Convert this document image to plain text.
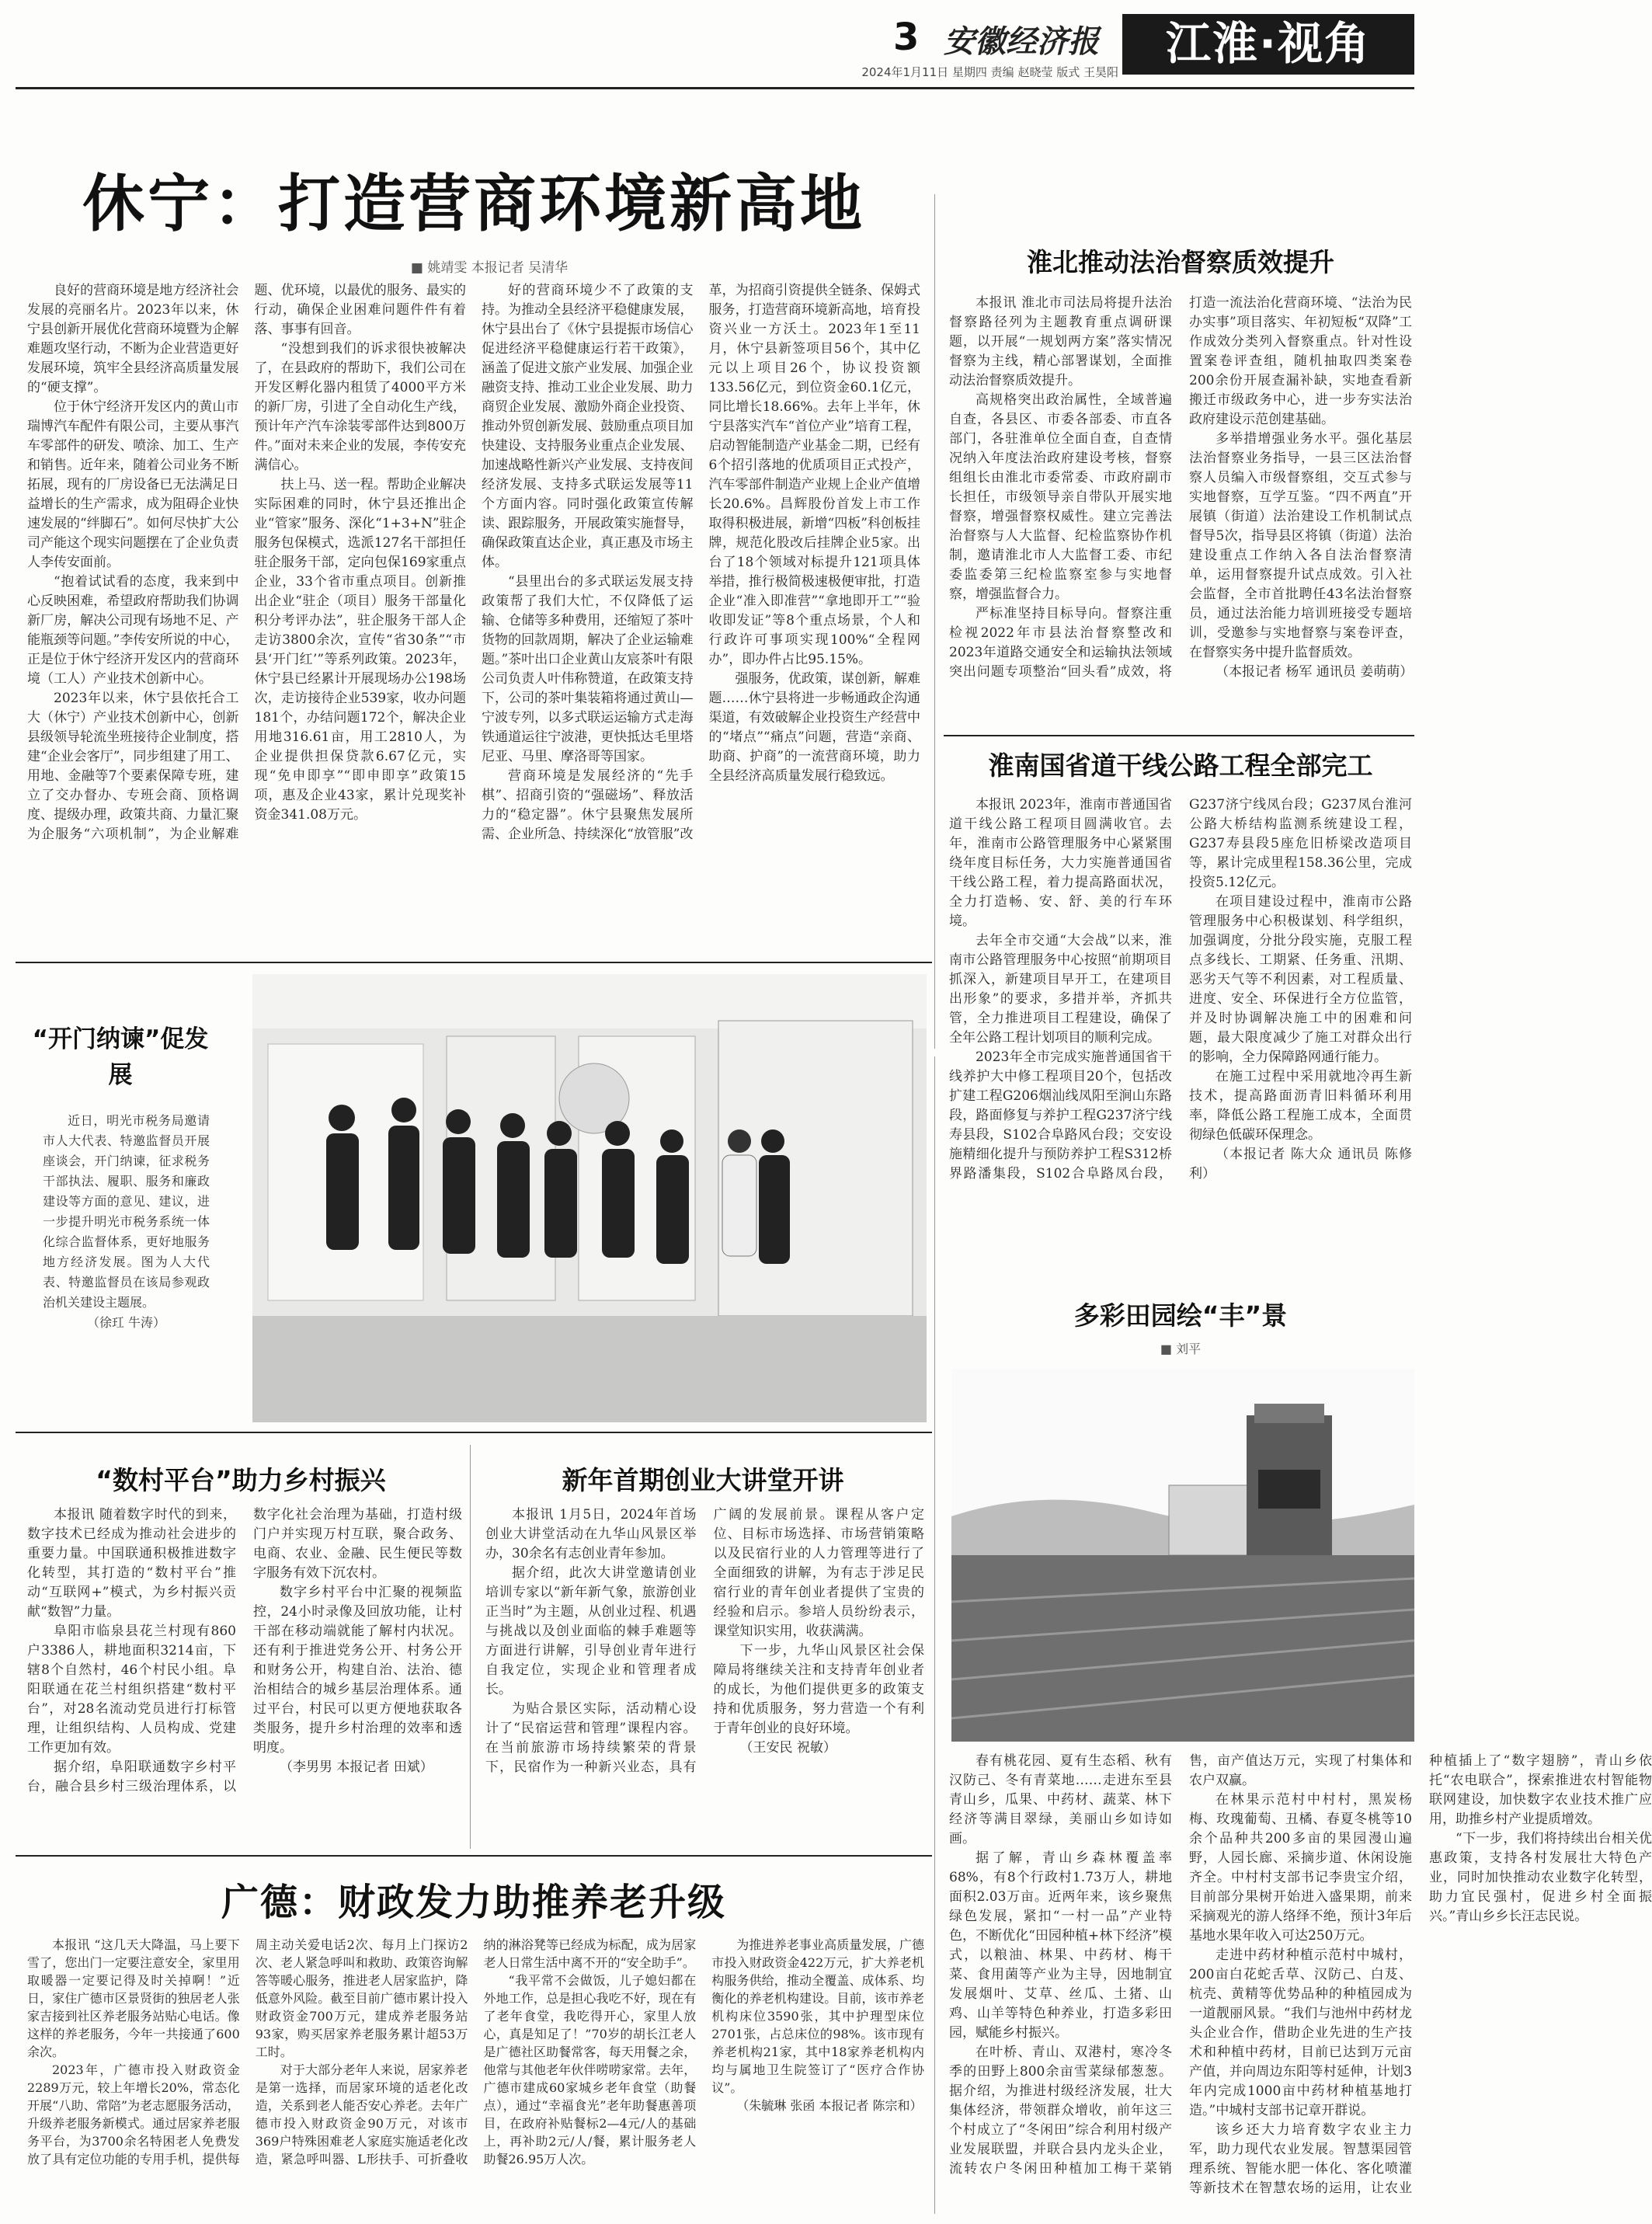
3 安徽经济报	江淮·视角
2024年1月11日 星期四 责编 赵晓莹 版式 王昊阳
休宁：打造营商环境新高地
■ 姚靖雯 本报记者 吴清华

良好的营商环境是地方经济社会发展的亮丽名片。2023年以来，休宁县创新开展优化营商环境暨为企解难题攻坚行动，不断为企业营造更好发展环境，筑牢全县经济高质量发展的“硬支撑”。

位于休宁经济开发区内的黄山市瑞博汽车配件有限公司，主要从事汽车零部件的研发、喷涂、加工、生产和销售。近年来，随着公司业务不断拓展，现有的厂房设备已无法满足日益增长的生产需求，成为阻碍企业快速发展的“绊脚石”。如何尽快扩大公司产能这个现实问题摆在了企业负责人李传安面前。

“抱着试试看的态度，我来到中心反映困难，希望政府帮助我们协调新厂房，解决公司现有场地不足、产能瓶颈等问题。”李传安所说的中心，正是位于休宁经济开发区内的营商环境（工人）产业技术创新中心。

2023年以来，休宁县依托合工大（休宁）产业技术创新中心，创新县级领导轮流坐班接待企业制度，搭建“企业会客厅”，同步组建了用工、用地、金融等7个要素保障专班，建立了交办督办、专班会商、顶格调度、提级办理，政策共商、力量汇聚为企服务“六项机制”，为企业解难题、优环境，以最优的服务、最实的行动，确保企业困难问题件件有着落、事事有回音。

“没想到我们的诉求很快被解决了，在县政府的帮助下，我们公司在开发区孵化器内租赁了4000平方米的新厂房，引进了全自动化生产线，预计年产汽车涂装零部件达到800万件。”面对未来企业的发展，李传安充满信心。

扶上马、送一程。帮助企业解决实际困难的同时，休宁县还推出企业“管家”服务、深化“1+3+N”驻企服务包保模式，选派127名干部担任驻企服务干部，定向包保169家重点企业，33个省市重点项目。创新推出企业“驻企（项目）服务干部量化积分考评办法”，驻企服务干部人企走访3800余次，宣传“省30条”“市县‘开门红’”等系列政策。2023年，休宁县已经累计开展现场办公198场次，走访接待企业539家，收办问题181个，办结问题172个，解决企业用地316.61亩，用工2810人，为企业提供担保贷款6.67亿元，实现“免申即享”“即申即享”政策15项，惠及企业43家，累计兑现奖补资金341.08万元。

好的营商环境少不了政策的支持。为推动全县经济平稳健康发展，休宁县出台了《休宁县提振市场信心促进经济平稳健康运行若干政策》，涵盖了促进文旅产业发展、加强企业融资支持、推动工业企业发展、助力商贸企业发展、激励外商企业投资、推动外贸创新发展、鼓励重点项目加快建设、支持服务业重点企业发展、加速战略性新兴产业发展、支持夜间经济发展、支持多式联运发展等11个方面内容。同时强化政策宣传解读、跟踪服务，开展政策实施督导，确保政策直达企业，真正惠及市场主体。

“县里出台的多式联运发展支持政策帮了我们大忙，不仅降低了运输、仓储等多种费用，还缩短了茶叶货物的回款周期，解决了企业运输难题。”茶叶出口企业黄山友宸茶叶有限公司负责人叶伟称赞道，在政策支持下，公司的茶叶集装箱将通过黄山—宁波专列，以多式联运运输方式走海铁通道运往宁波港，更快抵达毛里塔尼亚、马里、摩洛哥等国家。

营商环境是发展经济的“先手棋”、招商引资的“强磁场”、释放活力的“稳定器”。休宁县聚焦发展所需、企业所急、持续深化“放管服”改革，为招商引资提供全链条、保姆式服务，打造营商环境新高地，培育投资兴业一方沃土。2023年1至11月，休宁县新签项目56个，其中亿元以上项目26个，协议投资额133.56亿元，到位资金60.1亿元，同比增长18.66%。去年上半年，休宁县落实汽车“首位产业”培育工程，启动智能制造产业基金二期，已经有6个招引落地的优质项目正式投产，汽车零部件制造产业规上企业产值增长20.6%。昌辉股份首发上市工作取得积极进展，新增“四板”科创板挂牌，规范化股改后挂牌企业5家。出台了18个领域对标提升121项具体举措，推行极简极速极便审批，打造企业“准入即准营”“拿地即开工”“验收即发证”等8个重点场景，个人和行政许可事项实现100%“全程网办”，即办件占比95.15%。

强服务，优政策，谋创新，解难题……休宁县将进一步畅通政企沟通渠道，有效破解企业投资生产经营中的“堵点”“痛点”问题，营造“亲商、助商、护商”的一流营商环境，助力全县经济高质量发展行稳致远。

淮北推动法治督察质效提升

本报讯 淮北市司法局将提升法治督察路径列为主题教育重点调研课题，以开展“一规划两方案”落实情况督察为主线，精心部署谋划，全面推动法治督察质效提升。

高规格突出政治属性，全域普遍自查，各县区、市委各部委、市直各部门，各驻淮单位全面自查，自查情况纳入年度法治政府建设考核，督察组组长由淮北市委常委、市政府副市长担任，市级领导亲自带队开展实地督察，增强督察权威性。建立完善法治督察与人大监督、纪检监察协作机制，邀请淮北市人大监督工委、市纪委监委第三纪检监察室参与实地督察，增强监督合力。

严标准坚持目标导向。督察注重检视2022年市县法治督察整改和2023年道路交通安全和运输执法领域突出问题专项整治“回头看”成效，将打造一流法治化营商环境、“法治为民办实事”项目落实、年初短板“双降”工作成效分类列入督察重点。针对性设置案卷评查组，随机抽取四类案卷200余份开展查漏补缺，实地查看新搬迁市级政务中心，进一步夯实法治政府建设示范创建基础。

多举措增强业务水平。强化基层法治督察业务指导，一县三区法治督察人员编入市级督察组，交互式参与实地督察，互学互鉴。“四不两直”开展镇（街道）法治建设工作机制试点督导5次，指导县区将镇（街道）法治建设重点工作纳入各自法治督察清单，运用督察提升试点成效。引入社会监督，全市首批聘任43名法治督察员，通过法治能力培训班接受专题培训，受邀参与实地督察与案卷评查，在督察实务中提升监督质效。

（本报记者 杨军 通讯员 姜萌萌）

淮南国省道干线公路工程全部完工

本报讯 2023年，淮南市普通国省道干线公路工程项目圆满收官。去年，淮南市公路管理服务中心紧紧围绕年度目标任务，大力实施普通国省干线公路工程，着力提高路面状况，全力打造畅、安、舒、美的行车环境。

去年全市交通“大会战”以来，淮南市公路管理服务中心按照“前期项目抓深入，新建项目早开工，在建项目出形象”的要求，多措并举，齐抓共管，全力推进项目工程建设，确保了全年公路工程计划项目的顺利完成。

2023年全市完成实施普通国省干线养护大中修工程项目20个，包括改扩建工程G206烟汕线凤阳至涧山东路段，路面修复与养护工程G237济宁线寿县段，S102合阜路风台段；交安设施精细化提升与预防养护工程S312桥界路潘集段，S102合阜路凤台段，G237济宁线凤台段；G237凤台淮河公路大桥结构监测系统建设工程，G237寿县段5座危旧桥梁改造项目等，累计完成里程158.36公里，完成投资5.12亿元。

在项目建设过程中，淮南市公路管理服务中心积极谋划、科学组织，加强调度，分批分段实施，克服工程点多线长、工期紧、任务重、汛期、恶劣天气等不利因素，对工程质量、进度、安全、环保进行全方位监管，并及时协调解决施工中的困难和问题，最大限度减少了施工对群众出行的影响，全力保障路网通行能力。

在施工过程中采用就地冷再生新技术，提高路面沥青旧料循环利用率，降低公路工程施工成本，全面贯彻绿色低碳环保理念。

（本报记者 陈大众 通讯员 陈修利）

“开门纳谏”促发展

近日，明光市税务局邀请市人大代表、特邀监督员开展座谈会，开门纳谏，征求税务干部执法、履职、服务和廉政建设等方面的意见、建议，进一步提升明光市税务系统一体化综合监督体系，更好地服务地方经济发展。图为人大代表、特邀监督员在该局参观政治机关建设主题展。

（徐玒 牛涛）	多彩田园绘“丰”景
■ 刘平

春有桃花园、夏有生态稻、秋有汉防己、冬有青菜地……走进东至县青山乡，瓜果、中药材、蔬菜、林下经济等满目翠绿，美丽山乡如诗如画。

据了解，青山乡森林覆盖率68%，有8个行政村1.73万人，耕地面积2.03万亩。近两年来，该乡聚焦绿色发展，紧扣“一村一品”产业特色，不断优化“田园种植+林下经济”模式，以粮油、林果、中药材、梅干菜、食用菌等产业为主导，因地制宜发展烟叶、艾草、丝瓜、土猪、山鸡、山羊等特色种养业，打造多彩田园，赋能乡村振兴。

在叶桥、青山、双港村，寒冷冬季的田野上800余亩雪菜绿郁葱葱。据介绍，为推进村级经济发展，壮大集体经济，带领群众增收，前年这三个村成立了“冬闲田”综合利用村级产业发展联盟，并联合县内龙头企业，流转农户冬闲田种植加工梅干菜销售，亩产值达万元，实现了村集体和农户双赢。

在林果示范村中村村，黑炭杨梅、玫瑰葡萄、丑橘、春夏冬桃等10余个品种共200多亩的果园漫山遍野，人园长廊、采摘步道、休闲设施齐全。中村村支部书记李贵宝介绍，目前部分果树开始进入盛果期，前来采摘观光的游人络绎不绝，预计3年后基地水果年收入可达250万元。

走进中药材种植示范村中城村，200亩白花蛇舌草、汉防己、白芨、杭壳、黄精等优势品种的种植园成为一道靓丽风景。“我们与池州中药材龙头企业合作，借助企业先进的生产技术和种植中药材，目前已达到万元亩产值，并向周边东阳等村延伸，计划3年内完成1000亩中药材种植基地打造。”中城村支部书记章开群说。

该乡还大力培育数字农业主力军，助力现代农业发展。智慧渠园管理系统、智能水肥一体化、客化喷灌等新技术在智慧农场的运用，让农业种植插上了“数字翅膀”，青山乡依托“农电联合”，探索推进农村智能物联网建设，加快数字农业技术推广应用，助推乡村产业提质增效。

“下一步，我们将持续出台相关优惠政策，支持各村发展壮大特色产业，同时加快推动农业数字化转型，助力宜民强村，促进乡村全面振兴。”青山乡乡长汪志民说。

“数村平台”助力乡村振兴

本报讯 随着数字时代的到来，数字技术已经成为推动社会进步的重要力量。中国联通积极推进数字化转型，其打造的“数村平台”推动“互联网+”模式，为乡村振兴贡献“数智”力量。

阜阳市临泉县花兰村现有860户3386人，耕地面积3214亩，下辖8个自然村，46个村民小组。阜阳联通在花兰村组织搭建“数村平台”，对28名流动党员进行打标管理，让组织结构、人员构成、党建工作更加有效。

据介绍，阜阳联通数字乡村平台，融合县乡村三级治理体系，以数字化社会治理为基础，打造村级门户并实现万村互联，聚合政务、电商、农业、金融、民生便民等数字服务有效下沉农村。

数字乡村平台中汇聚的视频监控，24小时录像及回放功能，让村干部在移动端就能了解村内状况。还有利于推进党务公开、村务公开和财务公开，构建自治、法治、德治相结合的城乡基层治理体系。通过平台，村民可以更方便地获取各类服务，提升乡村治理的效率和透明度。

（李男男 本报记者 田斌）

新年首期创业大讲堂开讲

本报讯 1月5日，2024年首场创业大讲堂活动在九华山风景区举办，30余名有志创业青年参加。

据介绍，此次大讲堂邀请创业培训专家以“新年新气象，旅游创业正当时”为主题，从创业过程、机遇与挑战以及创业面临的棘手难题等方面进行讲解，引导创业青年进行自我定位，实现企业和管理者成长。

为贴合景区实际，活动精心设计了“民宿运营和管理”课程内容。在当前旅游市场持续繁荣的背景下，民宿作为一种新兴业态，具有广阔的发展前景。课程从客户定位、目标市场选择、市场营销策略以及民宿行业的人力管理等进行了全面细致的讲解，为有志于涉足民宿行业的青年创业者提供了宝贵的经验和启示。参培人员纷纷表示，课堂知识实用，收获满满。

下一步，九华山风景区社会保障局将继续关注和支持青年创业者的成长，为他们提供更多的政策支持和优质服务，努力营造一个有利于青年创业的良好环境。

（王安民 祝敏）

广德：财政发力助推养老升级

本报讯 “这几天大降温，马上要下雪了，您出门一定要注意安全，家里用取暖器一定要记得及时关掉啊！”近日，家住广德市区景贤街的独居老人张家吉接到社区养老服务站贴心电话。像这样的养老服务，今年一共接通了600余次。

2023年，广德市投入财政资金2289万元，较上年增长20%，常态化开展“八助、常陪”为老志愿服务活动，升级养老服务新模式。通过居家养老服务平台，为3700余名特困老人免费发放了具有定位功能的专用手机，提供每周主动关爱电话2次、每月上门探访2次、老人紧急呼叫和救助、政策咨询解答等暖心服务，推进老人居家监护，降低意外风险。截至目前广德市累计投入财政资金700万元，建成养老服务站93家，购买居家养老服务累计超53万工时。

对于大部分老年人来说，居家养老是第一选择，而居家环境的适老化改造，关系到老人能否安心养老。去年广德市投入财政资金90万元，对该市369户特殊困难老人家庭实施适老化改造，紧急呼叫器、L形扶手、可折叠收纳的淋浴凳等已经成为标配，成为居家老人日常生活中离不开的“安全助手”。

“我平常不会做饭，儿子媳妇都在外地工作，总是担心我吃不好，现在有了老年食堂，我吃得开心，家里人放心，真是知足了！”70岁的胡长江老人是广德社区助餐常客，每天用餐之余，他常与其他老年伙伴唠唠家常。去年，广德市建成60家城乡老年食堂（助餐点），通过“幸福食光”老年助餐惠善项目，在政府补贴餐标2—4元/人的基础上，再补助2元/人/餐，累计服务老人助餐26.95万人次。

为推进养老事业高质量发展，广德市投入财政资金422万元，扩大养老机构服务供给，推动全覆盖、成体系、均衡化的养老机构建设。目前，该市养老机构床位3590张，其中护理型床位2701张，占总床位的98%。该市现有养老机构21家，其中18家养老机构内均与属地卫生院签订了“医疗合作协议”。

（朱毓琳 张函 本报记者 陈宗和）
